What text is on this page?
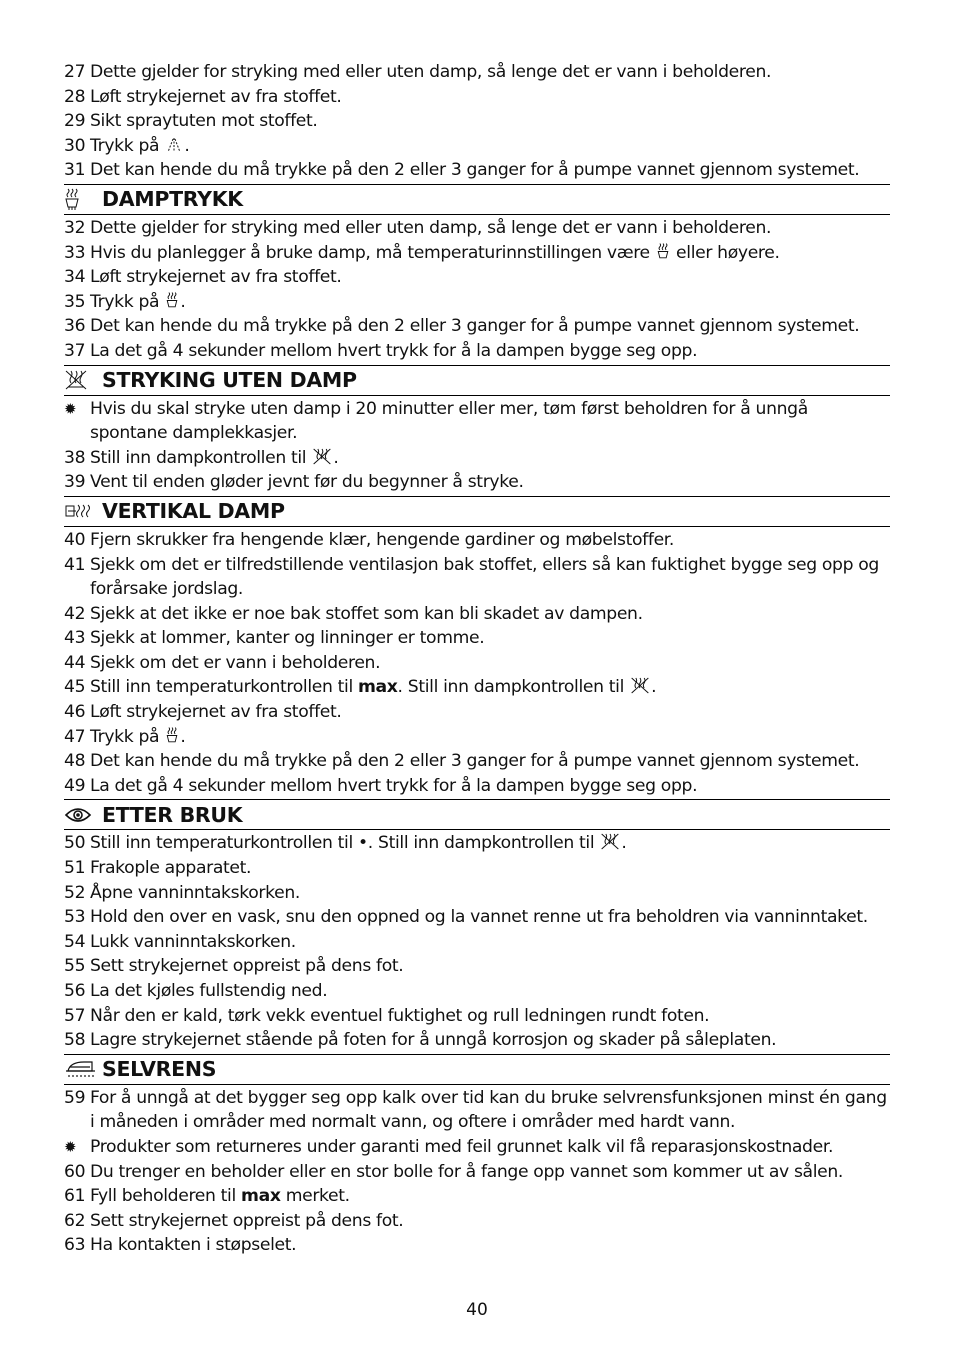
27 Dette gjelder for stryking med eller uten damp, så lenge det er vann i beholderen.
28 Løft strykejernet av fra stoffet.
29 Sikt spraytuten mot stoffet.
30 Trykk på .
31 Det kan hende du må trykke på den 2 eller 3 ganger for å pumpe vannet gjennom systemet.
DAMPTRYKK
32 Dette gjelder for stryking med eller uten damp, så lenge det er vann i beholderen.
33 Hvis du planlegger å bruke damp, må temperaturinnstillingen være eller høyere.
34 Løft strykejernet av fra stoffet.
35 Trykk på .
36 Det kan hende du må trykke på den 2 eller 3 ganger for å pumpe vannet gjennom systemet.
37 La det gå 4 sekunder mellom hvert trykk for å la dampen bygge seg opp.
STRYKING UTEN DAMP
✹ Hvis du skal stryke uten damp i 20 minutter eller mer, tøm først beholdren for å unngå spontane damplekkasjer.
38 Still inn dampkontrollen til .
39 Vent til enden gløder jevnt før du begynner å stryke.
VERTIKAL DAMP
40 Fjern skrukker fra hengende klær, hengende gardiner og møbelstoffer.
41 Sjekk om det er tilfredstillende ventilasjon bak stoffet, ellers så kan fuktighet bygge seg opp og forårsake jordslag.
42 Sjekk at det ikke er noe bak stoffet som kan bli skadet av dampen.
43 Sjekk at lommer, kanter og linninger er tomme.
44 Sjekk om det er vann i beholderen.
45 Still inn temperaturkontrollen til max. Still inn dampkontrollen til .
46 Løft strykejernet av fra stoffet.
47 Trykk på .
48 Det kan hende du må trykke på den 2 eller 3 ganger for å pumpe vannet gjennom systemet.
49 La det gå 4 sekunder mellom hvert trykk for å la dampen bygge seg opp.
ETTER BRUK
50 Still inn temperaturkontrollen til •. Still inn dampkontrollen til .
51 Frakople apparatet.
52 Åpne vanninntakskorken.
53 Hold den over en vask, snu den oppned og la vannet renne ut fra beholdren via vanninntaket.
54 Lukk vanninntakskorken.
55 Sett strykejernet oppreist på dens fot.
56 La det kjøles fullstendig ned.
57 Når den er kald, tørk vekk eventuel fuktighet og rull ledningen rundt foten.
58 Lagre strykejernet stående på foten for å unngå korrosjon og skader på såleplaten.
SELVRENS
59 For å unngå at det bygger seg opp kalk over tid kan du bruke selvrensfunksjonen minst én gang i måneden i områder med normalt vann, og oftere i områder med hardt vann.
✹ Produkter som returneres under garanti med feil grunnet kalk vil få reparasjonskostnader.
60 Du trenger en beholder eller en stor bolle for å fange opp vannet som kommer ut av sålen.
61 Fyll beholderen til max merket.
62 Sett strykejernet oppreist på dens fot.
63 Ha kontakten i støpselet.
40
